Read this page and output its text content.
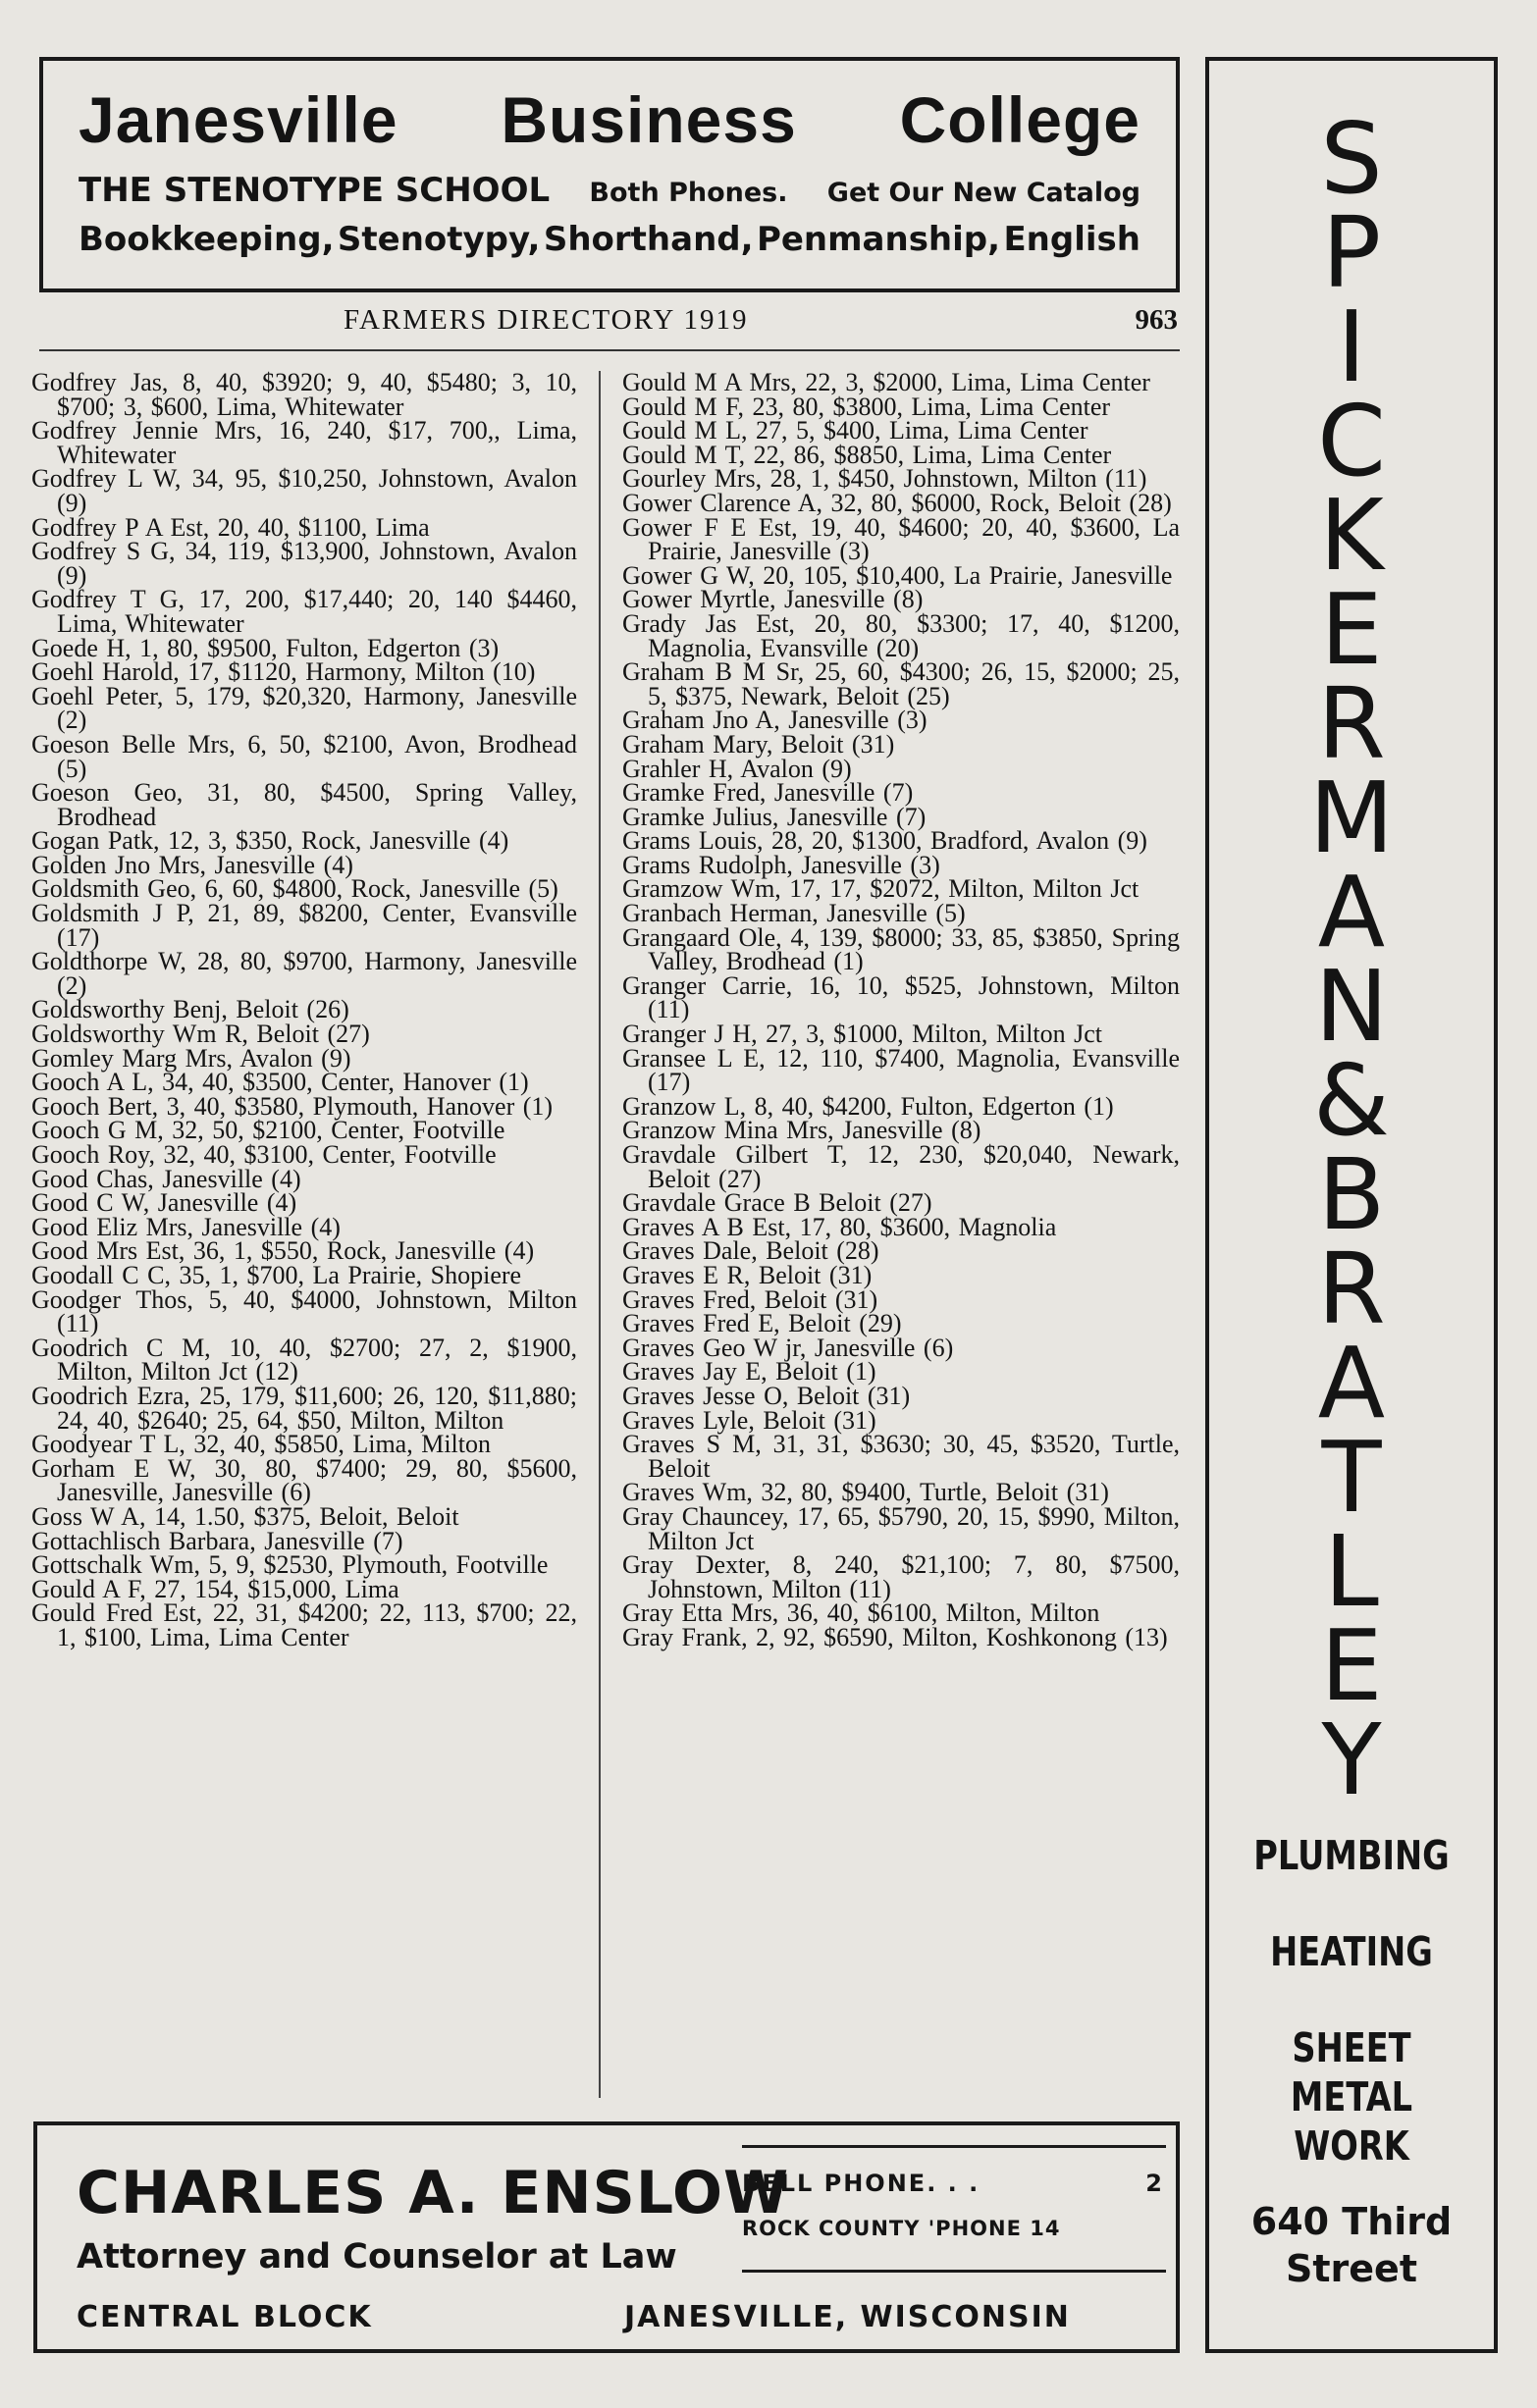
Janesville Business College
THE STENOTYPE SCHOOL Both Phones. Get Our New Catalog
Bookkeeping, Stenotypy, Shorthand, Penmanship, English
FARMERS DIRECTORY 1919	963

Godfrey Jas, 8, 40, $3920; 9, 40, $5480; 3, 10, $700; 3, $600, Lima, Whitewater

Godfrey Jennie Mrs, 16, 240, $17, 700,, Lima, Whitewater

Godfrey L W, 34, 95, $10,250, Johnstown, Avalon (9)

Godfrey P A Est, 20, 40, $1100, Lima

Godfrey S G, 34, 119, $13,900, Johnstown, Avalon (9)

Godfrey T G, 17, 200, $17,440; 20, 140 $4460, Lima, Whitewater

Goede H, 1, 80, $9500, Fulton, Edgerton (3)

Goehl Harold, 17, $1120, Harmony, Milton (10)

Goehl Peter, 5, 179, $20,320, Harmony, Janesville (2)

Goeson Belle Mrs, 6, 50, $2100, Avon, Brodhead (5)

Goeson Geo, 31, 80, $4500, Spring Valley, Brodhead

Gogan Patk, 12, 3, $350, Rock, Janesville (4)

Golden Jno Mrs, Janesville (4)

Goldsmith Geo, 6, 60, $4800, Rock, Janesville (5)

Goldsmith J P, 21, 89, $8200, Center, Evansville (17)

Goldthorpe W, 28, 80, $9700, Harmony, Janesville (2)

Goldsworthy Benj, Beloit (26)

Goldsworthy Wm R, Beloit (27)

Gomley Marg Mrs, Avalon (9)

Gooch A L, 34, 40, $3500, Center, Hanover (1)

Gooch Bert, 3, 40, $3580, Plymouth, Hanover (1)

Gooch G M, 32, 50, $2100, Center, Footville

Gooch Roy, 32, 40, $3100, Center, Footville

Good Chas, Janesville (4)

Good C W, Janesville (4)

Good Eliz Mrs, Janesville (4)

Good Mrs Est, 36, 1, $550, Rock, Janesville (4)

Goodall C C, 35, 1, $700, La Prairie, Shopiere

Goodger Thos, 5, 40, $4000, Johnstown, Milton (11)

Goodrich C M, 10, 40, $2700; 27, 2, $1900, Milton, Milton Jct (12)

Goodrich Ezra, 25, 179, $11,600; 26, 120, $11,880; 24, 40, $2640; 25, 64, $50, Milton, Milton

Goodyear T L, 32, 40, $5850, Lima, Milton

Gorham E W, 30, 80, $7400; 29, 80, $5600, Janesville, Janesville (6)

Goss W A, 14, 1.50, $375, Beloit, Beloit

Gottachlisch Barbara, Janesville (7)

Gottschalk Wm, 5, 9, $2530, Plymouth, Footville

Gould A F, 27, 154, $15,000, Lima

Gould Fred Est, 22, 31, $4200; 22, 113, $700; 22, 1, $100, Lima, Lima Center

Gould M A Mrs, 22, 3, $2000, Lima, Lima Center

Gould M F, 23, 80, $3800, Lima, Lima Center

Gould M L, 27, 5, $400, Lima, Lima Center

Gould M T, 22, 86, $8850, Lima, Lima Center

Gourley Mrs, 28, 1, $450, Johnstown, Milton (11)

Gower Clarence A, 32, 80, $6000, Rock, Beloit (28)

Gower F E Est, 19, 40, $4600; 20, 40, $3600, La Prairie, Janesville (3)

Gower G W, 20, 105, $10,400, La Prairie, Janesville

Gower Myrtle, Janesville (8)

Grady Jas Est, 20, 80, $3300; 17, 40, $1200, Magnolia, Evansville (20)

Graham B M Sr, 25, 60, $4300; 26, 15, $2000; 25, 5, $375, Newark, Beloit (25)

Graham Jno A, Janesville (3)

Graham Mary, Beloit (31)

Grahler H, Avalon (9)

Gramke Fred, Janesville (7)

Gramke Julius, Janesville (7)

Grams Louis, 28, 20, $1300, Bradford, Avalon (9)

Grams Rudolph, Janesville (3)

Gramzow Wm, 17, 17, $2072, Milton, Milton Jct

Granbach Herman, Janesville (5)

Grangaard Ole, 4, 139, $8000; 33, 85, $3850, Spring Valley, Brodhead (1)

Granger Carrie, 16, 10, $525, Johnstown, Milton (11)

Granger J H, 27, 3, $1000, Milton, Milton Jct

Gransee L E, 12, 110, $7400, Magnolia, Evansville (17)

Granzow L, 8, 40, $4200, Fulton, Edgerton (1)

Granzow Mina Mrs, Janesville (8)

Gravdale Gilbert T, 12, 230, $20,040, Newark, Beloit (27)

Gravdale Grace B Beloit (27)

Graves A B Est, 17, 80, $3600, Magnolia

Graves Dale, Beloit (28)

Graves E R, Beloit (31)

Graves Fred, Beloit (31)

Graves Fred E, Beloit (29)

Graves Geo W jr, Janesville (6)

Graves Jay E, Beloit (1)

Graves Jesse O, Beloit (31)

Graves Lyle, Beloit (31)

Graves S M, 31, 31, $3630; 30, 45, $3520, Turtle, Beloit

Graves Wm, 32, 80, $9400, Turtle, Beloit (31)

Gray Chauncey, 17, 65, $5790, 20, 15, $990, Milton, Milton Jct

Gray Dexter, 8, 240, $21,100; 7, 80, $7500, Johnstown, Milton (11)

Gray Etta Mrs, 36, 40, $6100, Milton, Milton

Gray Frank, 2, 92, $6590, Milton, Koshkonong (13)

CHARLES A. ENSLOW
Attorney and Counselor at Law
CENTRAL BLOCK
BELL PHONE. . .	2
ROCK COUNTY 'PHONE 14
JANESVILLE, WISCONSIN
S
P
I
C
K
E
R
M
A
N
&
B
R
A
T
L
E
Y
PLUMBING
HEATING
SHEET METAL
WORK
640 Third
Street
